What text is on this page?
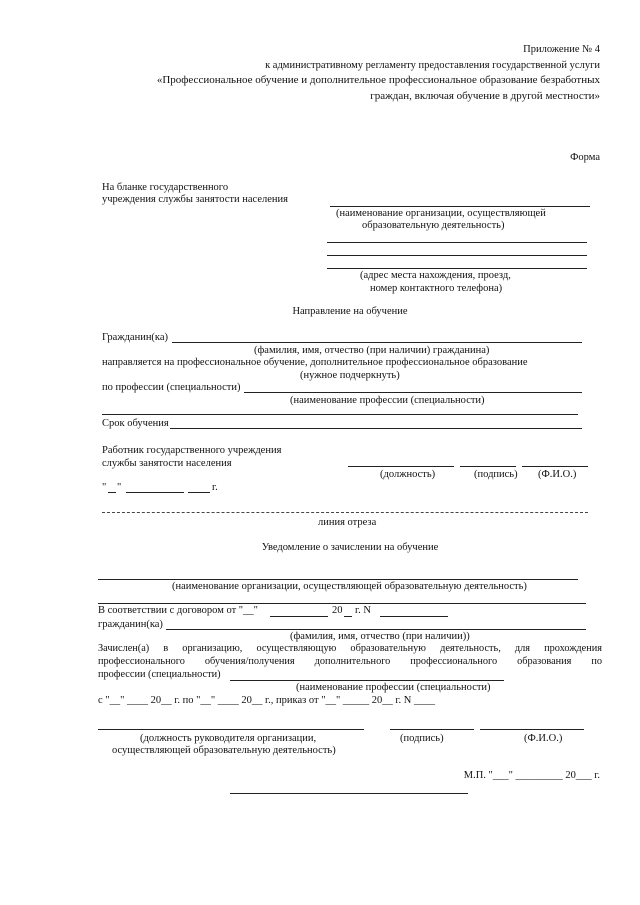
Приложение № 4
к административному регламенту предоставления государственной услуги
«Профессиональное обучение и дополнительное профессиональное образование безработных
граждан, включая обучение в другой местности»
Форма
На бланке государственного
учреждения службы занятости населения
(наименование организации, осуществляющей
образовательную деятельность)
(адрес места нахождения, проезд,
номер контактного телефона)
Направление на обучение
Гражданин(ка)
(фамилия, имя, отчество (при наличии) гражданина)
направляется на профессиональное обучение, дополнительное профессиональное образование
(нужное подчеркнуть)
по профессии (специальности)
(наименование профессии (специальности)
Срок обучения
Работник государственного учреждения
службы занятости населения
(должность)	(подпись) (Ф.И.О.)
" "	г.
линия отреза
Уведомление о зачислении на обучение
(наименование организации, осуществляющей образовательную деятельность)
В соответствии с договором от "__"	20 г. N
гражданин(ка)
(фамилия, имя, отчество (при наличии))
Зачислен(а) в организацию, осуществляющую образовательную деятельность, для прохождения
профессионального обучения/получения дополнительного профессионального образования по
профессии (специальности)
(наименование профессии (специальности)
с "__" ____ 20__ г. по "__" ____ 20__ г., приказ от "__" _____ 20__ г. N ____
(должность руководителя организации,
осуществляющей образовательную деятельность)
(подпись)	(Ф.И.О.)
М.П. "___" _________ 20___ г.
